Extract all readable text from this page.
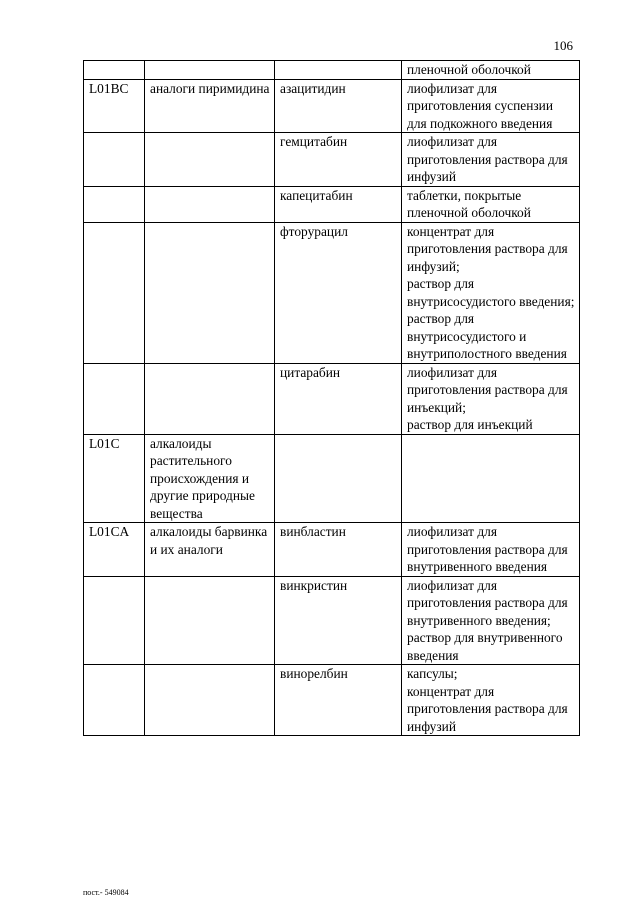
106

			пленочной оболочкой

L01BC	аналоги пиримидина	азацитидин	лиофилизат для приготовления суспензии для подкожного введения

		гемцитабин	лиофилизат для приготовления раствора для инфузий

		капецитабин	таблетки, покрытые пленочной оболочкой

		фторурацил	концентрат для приготовления раствора для инфузий;
раствор для внутрисосудистого введения;
раствор для внутрисосудистого и внутриполостного введения

		цитарабин	лиофилизат для приготовления раствора для инъекций;
раствор для инъекций

L01C	алкалоиды растительного происхождения и другие природные вещества		

L01CA	алкалоиды барвинка и их аналоги	винбластин	лиофилизат для приготовления раствора для внутривенного введения

		винкристин	лиофилизат для приготовления раствора для внутривенного введения;
раствор для внутривенного введения

		винорелбин	капсулы;
концентрат для приготовления раствора для инфузий
пост.- 549084
